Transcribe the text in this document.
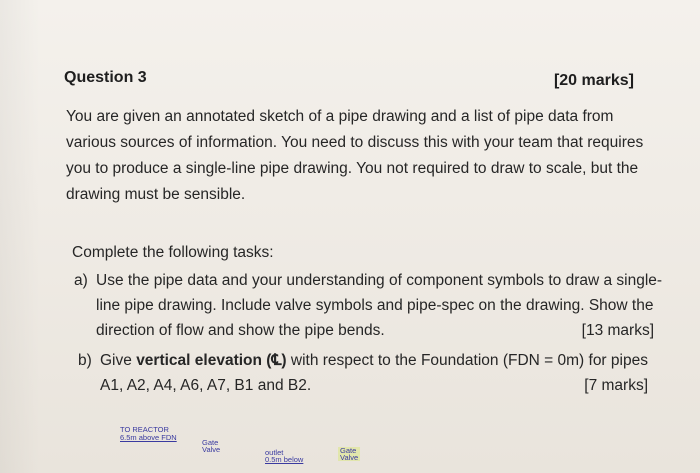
Question 3	[20 marks]
You are given an annotated sketch of a pipe drawing and a list of pipe data from
various sources of information. You need to discuss this with your team that requires
you to produce a single-line pipe drawing. You not required to draw to scale, but the
drawing must be sensible.
Complete the following tasks:
a) Use the pipe data and your understanding of component symbols to draw a single-
line pipe drawing. Include valve symbols and pipe-spec on the drawing. Show the
direction of flow and show the pipe bends.	[13 marks]
b) Give vertical elevation (℄) with respect to the Foundation (FDN = 0m) for pipes
A1, A2, A4, A6, A7, B1 and B2.	[7 marks]
TO REACTOR
6.5m above FDN
Gate
Valve	outlet
0.5m below
Gate
Valve
